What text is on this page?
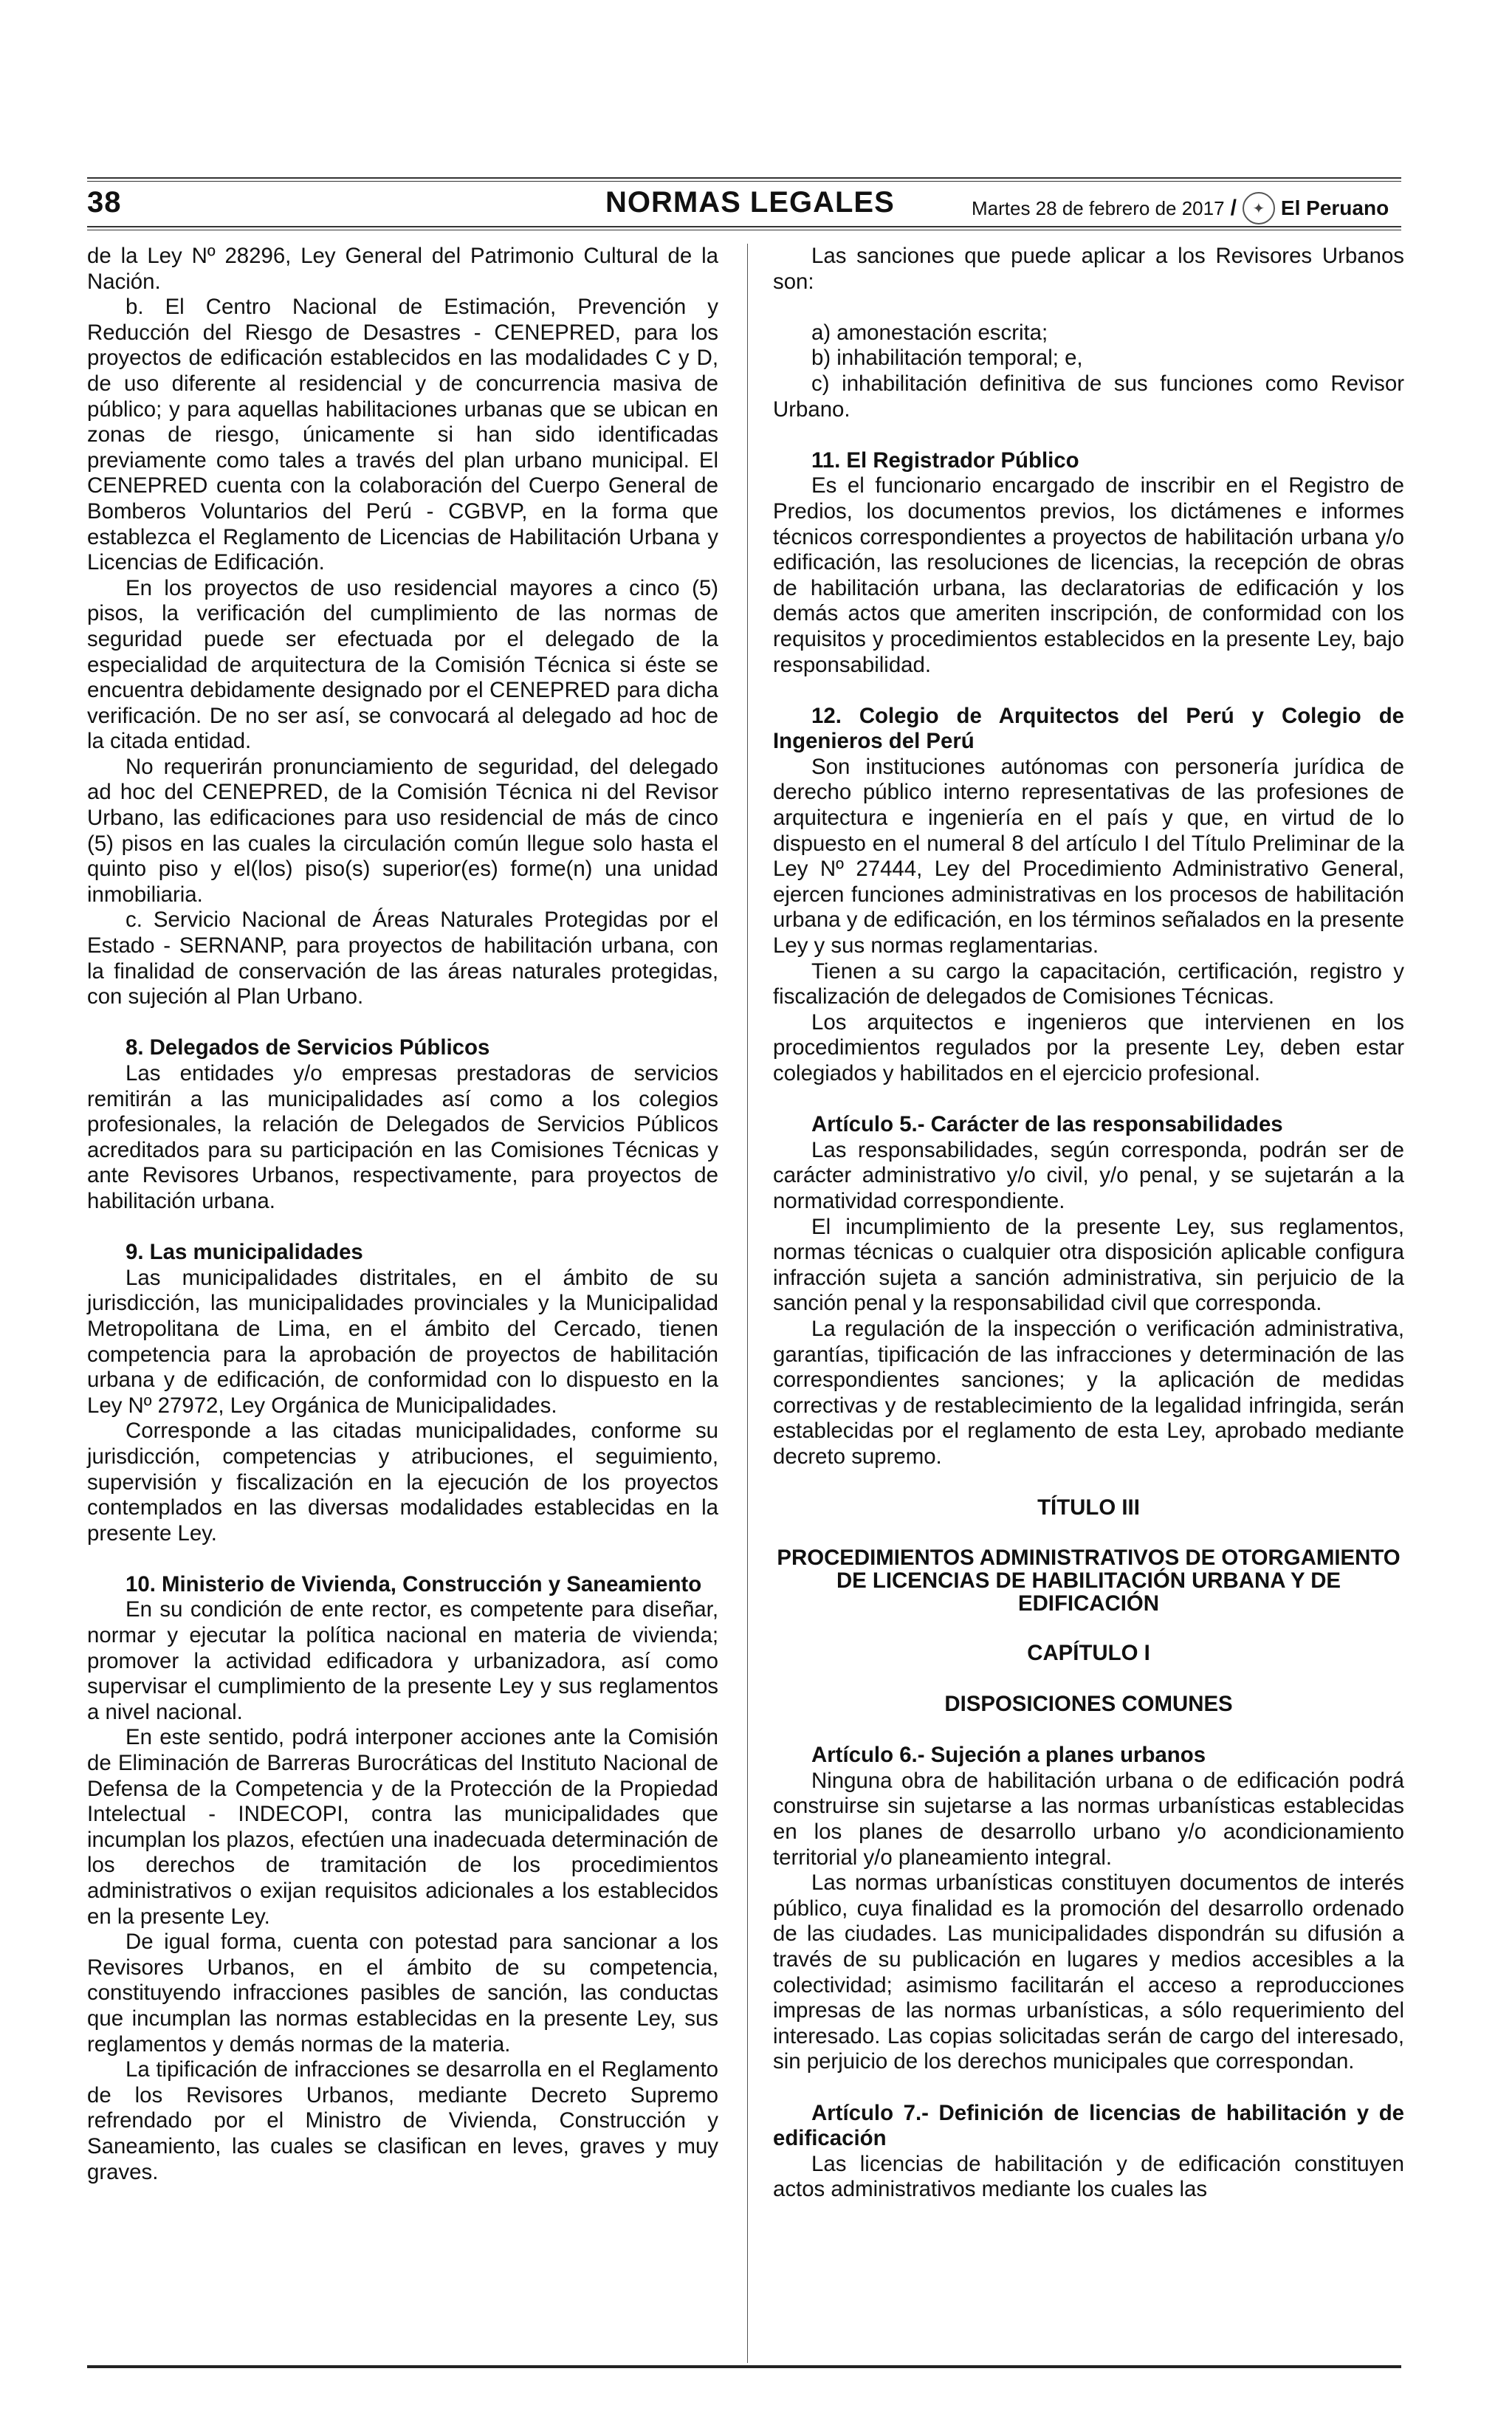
38	NORMAS LEGALES	Martes 28 de febrero de 2017 /	✦ El Peruano

de la Ley Nº 28296, Ley General del Patrimonio Cultural de la Nación.

b. El Centro Nacional de Estimación, Prevención y Reducción del Riesgo de Desastres - CENEPRED, para los proyectos de edificación establecidos en las modalidades C y D, de uso diferente al residencial y de concurrencia masiva de público; y para aquellas habilitaciones urbanas que se ubican en zonas de riesgo, únicamente si han sido identificadas previamente como tales a través del plan urbano municipal. El CENEPRED cuenta con la colaboración del Cuerpo General de Bomberos Voluntarios del Perú - CGBVP, en la forma que establezca el Reglamento de Licencias de Habilitación Urbana y Licencias de Edificación.

En los proyectos de uso residencial mayores a cinco (5) pisos, la verificación del cumplimiento de las normas de seguridad puede ser efectuada por el delegado de la especialidad de arquitectura de la Comisión Técnica si éste se encuentra debidamente designado por el CENEPRED para dicha verificación. De no ser así, se convocará al delegado ad hoc de la citada entidad.

No requerirán pronunciamiento de seguridad, del delegado ad hoc del CENEPRED, de la Comisión Técnica ni del Revisor Urbano, las edificaciones para uso residencial de más de cinco (5) pisos en las cuales la circulación común llegue solo hasta el quinto piso y el(los) piso(s) superior(es) forme(n) una unidad inmobiliaria.

c. Servicio Nacional de Áreas Naturales Protegidas por el Estado - SERNANP, para proyectos de habilitación urbana, con la finalidad de conservación de las áreas naturales protegidas, con sujeción al Plan Urbano.

8. Delegados de Servicios Públicos

Las entidades y/o empresas prestadoras de servicios remitirán a las municipalidades así como a los colegios profesionales, la relación de Delegados de Servicios Públicos acreditados para su participación en las Comisiones Técnicas y ante Revisores Urbanos, respectivamente, para proyectos de habilitación urbana.

9. Las municipalidades

Las municipalidades distritales, en el ámbito de su jurisdicción, las municipalidades provinciales y la Municipalidad Metropolitana de Lima, en el ámbito del Cercado, tienen competencia para la aprobación de proyectos de habilitación urbana y de edificación, de conformidad con lo dispuesto en la Ley Nº 27972, Ley Orgánica de Municipalidades.

Corresponde a las citadas municipalidades, conforme su jurisdicción, competencias y atribuciones, el seguimiento, supervisión y fiscalización en la ejecución de los proyectos contemplados en las diversas modalidades establecidas en la presente Ley.

10. Ministerio de Vivienda, Construcción y Saneamiento

En su condición de ente rector, es competente para diseñar, normar y ejecutar la política nacional en materia de vivienda; promover la actividad edificadora y urbanizadora, así como supervisar el cumplimiento de la presente Ley y sus reglamentos a nivel nacional.

En este sentido, podrá interponer acciones ante la Comisión de Eliminación de Barreras Burocráticas del Instituto Nacional de Defensa de la Competencia y de la Protección de la Propiedad Intelectual - INDECOPI, contra las municipalidades que incumplan los plazos, efectúen una inadecuada determinación de los derechos de tramitación de los procedimientos administrativos o exijan requisitos adicionales a los establecidos en la presente Ley.

De igual forma, cuenta con potestad para sancionar a los Revisores Urbanos, en el ámbito de su competencia, constituyendo infracciones pasibles de sanción, las conductas que incumplan las normas establecidas en la presente Ley, sus reglamentos y demás normas de la materia.

La tipificación de infracciones se desarrolla en el Reglamento de los Revisores Urbanos, mediante Decreto Supremo refrendado por el Ministro de Vivienda, Construcción y Saneamiento, las cuales se clasifican en leves, graves y muy graves.

Las sanciones que puede aplicar a los Revisores Urbanos son:

a) amonestación escrita;

b) inhabilitación temporal; e,

c) inhabilitación definitiva de sus funciones como Revisor Urbano.

11. El Registrador Público

Es el funcionario encargado de inscribir en el Registro de Predios, los documentos previos, los dictámenes e informes técnicos correspondientes a proyectos de habilitación urbana y/o edificación, las resoluciones de licencias, la recepción de obras de habilitación urbana, las declaratorias de edificación y los demás actos que ameriten inscripción, de conformidad con los requisitos y procedimientos establecidos en la presente Ley, bajo responsabilidad.

12. Colegio de Arquitectos del Perú y Colegio de Ingenieros del Perú

Son instituciones autónomas con personería jurídica de derecho público interno representativas de las profesiones de arquitectura e ingeniería en el país y que, en virtud de lo dispuesto en el numeral 8 del artículo I del Título Preliminar de la Ley Nº 27444, Ley del Procedimiento Administrativo General, ejercen funciones administrativas en los procesos de habilitación urbana y de edificación, en los términos señalados en la presente Ley y sus normas reglamentarias.

Tienen a su cargo la capacitación, certificación, registro y fiscalización de delegados de Comisiones Técnicas.

Los arquitectos e ingenieros que intervienen en los procedimientos regulados por la presente Ley, deben estar colegiados y habilitados en el ejercicio profesional.

Artículo 5.- Carácter de las responsabilidades

Las responsabilidades, según corresponda, podrán ser de carácter administrativo y/o civil, y/o penal, y se sujetarán a la normatividad correspondiente.

El incumplimiento de la presente Ley, sus reglamentos, normas técnicas o cualquier otra disposición aplicable configura infracción sujeta a sanción administrativa, sin perjuicio de la sanción penal y la responsabilidad civil que corresponda.

La regulación de la inspección o verificación administrativa, garantías, tipificación de las infracciones y determinación de las correspondientes sanciones; y la aplicación de medidas correctivas y de restablecimiento de la legalidad infringida, serán establecidas por el reglamento de esta Ley, aprobado mediante decreto supremo.

TÍTULO III
PROCEDIMIENTOS ADMINISTRATIVOS DE OTORGAMIENTO DE LICENCIAS DE HABILITACIÓN URBANA Y DE EDIFICACIÓN
CAPÍTULO I
DISPOSICIONES COMUNES
Artículo 6.- Sujeción a planes urbanos

Ninguna obra de habilitación urbana o de edificación podrá construirse sin sujetarse a las normas urbanísticas establecidas en los planes de desarrollo urbano y/o acondicionamiento territorial y/o planeamiento integral.

Las normas urbanísticas constituyen documentos de interés público, cuya finalidad es la promoción del desarrollo ordenado de las ciudades. Las municipalidades dispondrán su difusión a través de su publicación en lugares y medios accesibles a la colectividad; asimismo facilitarán el acceso a reproducciones impresas de las normas urbanísticas, a sólo requerimiento del interesado. Las copias solicitadas serán de cargo del interesado, sin perjuicio de los derechos municipales que correspondan.

Artículo 7.- Definición de licencias de habilitación y de edificación

Las licencias de habilitación y de edificación constituyen actos administrativos mediante los cuales las
